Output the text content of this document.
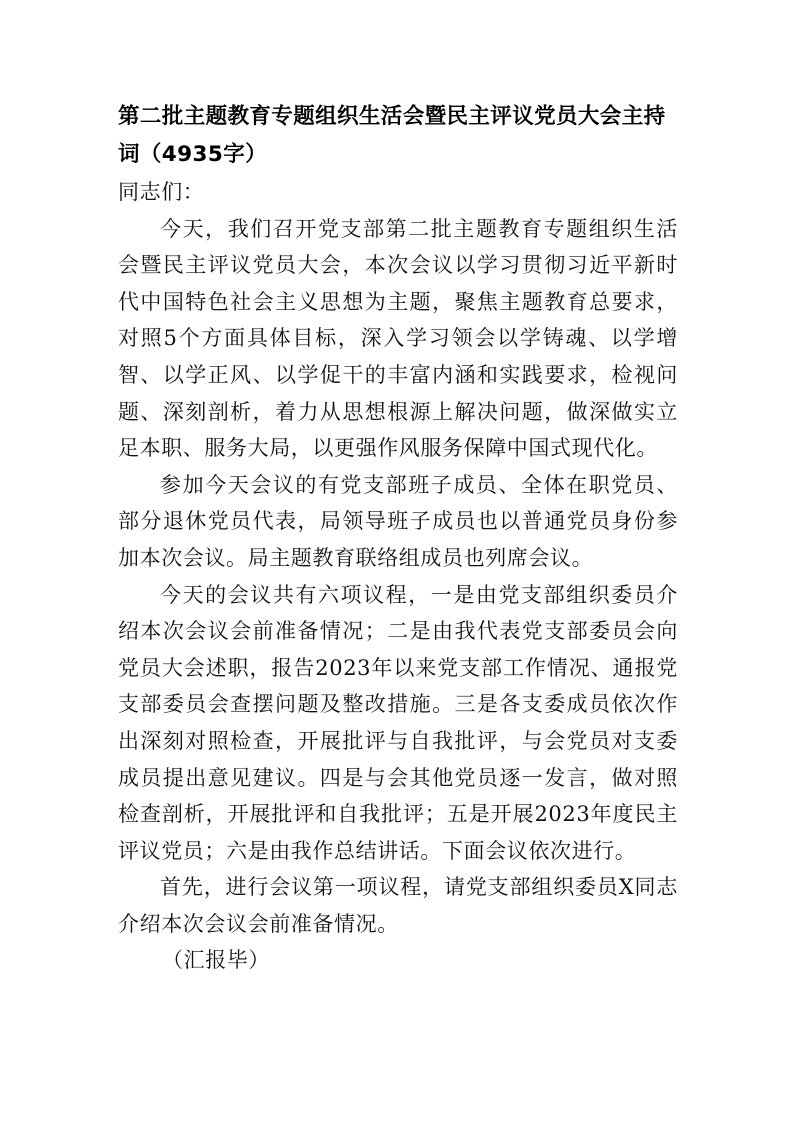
第二批主题教育专题组织生活会暨民主评议党员大会主持词（4935字）

同志们：

今天，我们召开党支部第二批主题教育专题组织生活会暨民主评议党员大会，本次会议以学习贯彻习近平新时代中国特色社会主义思想为主题，聚焦主题教育总要求，对照5个方面具体目标，深入学习领会以学铸魂、以学增智、以学正风、以学促干的丰富内涵和实践要求，检视问题、深刻剖析，着力从思想根源上解决问题，做深做实立足本职、服务大局，以更强作风服务保障中国式现代化。

参加今天会议的有党支部班子成员、全体在职党员、部分退休党员代表，局领导班子成员也以普通党员身份参加本次会议。局主题教育联络组成员也列席会议。

今天的会议共有六项议程，一是由党支部组织委员介绍本次会议会前准备情况；二是由我代表党支部委员会向党员大会述职，报告2023年以来党支部工作情况、通报党支部委员会查摆问题及整改措施。三是各支委成员依次作出深刻对照检查，开展批评与自我批评，与会党员对支委成员提出意见建议。四是与会其他党员逐一发言，做对照检查剖析，开展批评和自我批评；五是开展2023年度民主评议党员；六是由我作总结讲话。下面会议依次进行。

首先，进行会议第一项议程，请党支部组织委员X同志介绍本次会议会前准备情况。

（汇报毕）
